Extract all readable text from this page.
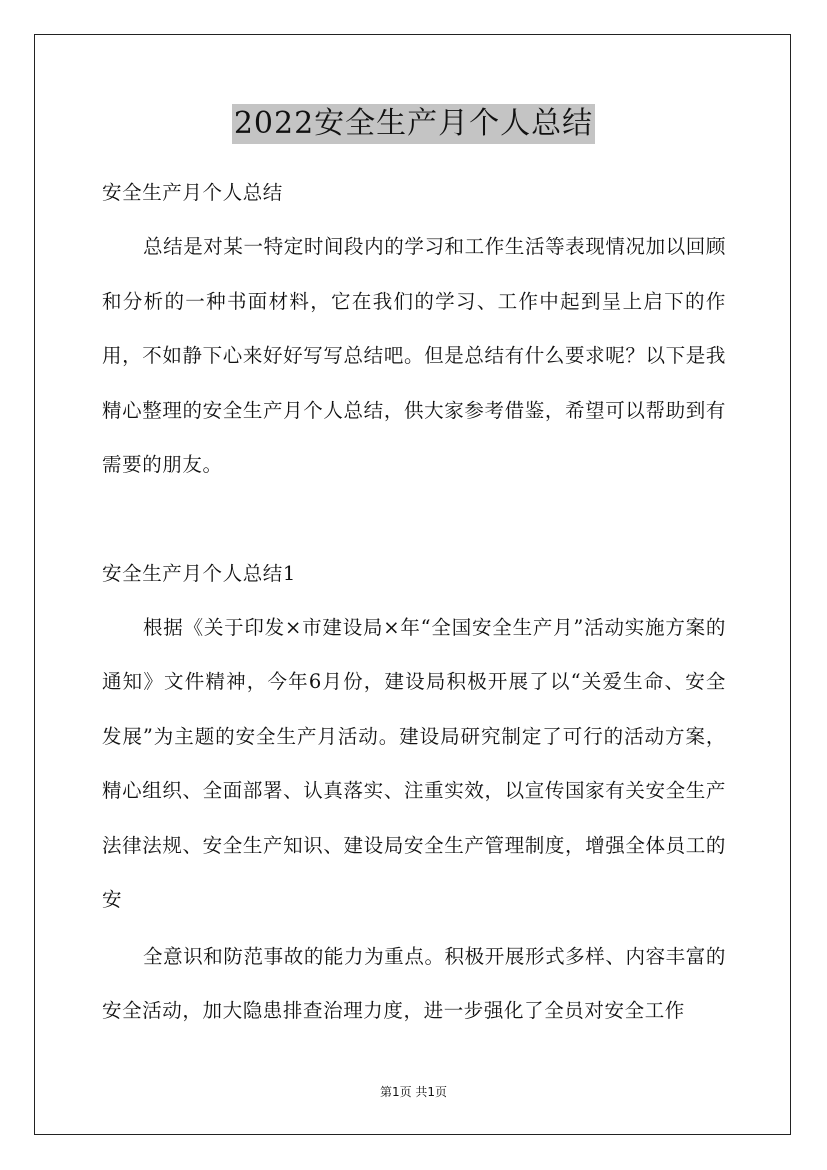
2022安全生产月个人总结

安全生产月个人总结

总结是对某一特定时间段内的学习和工作生活等表现情况加以回顾和分析的一种书面材料，它在我们的学习、工作中起到呈上启下的作用，不如静下心来好好写写总结吧。但是总结有什么要求呢？以下是我精心整理的安全生产月个人总结，供大家参考借鉴，希望可以帮助到有需要的朋友。

安全生产月个人总结1

根据《关于印发×市建设局×年“全国安全生产月”活动实施方案的通知》文件精神，今年6月份，建设局积极开展了以“关爱生命、安全发展”为主题的安全生产月活动。建设局研究制定了可行的活动方案，精心组织、全面部署、认真落实、注重实效，以宣传国家有关安全生产法律法规、安全生产知识、建设局安全生产管理制度，增强全体员工的安

全意识和防范事故的能力为重点。积极开展形式多样、内容丰富的安全活动，加大隐患排查治理力度，进一步强化了全员对安全工作

第1页 共1页
